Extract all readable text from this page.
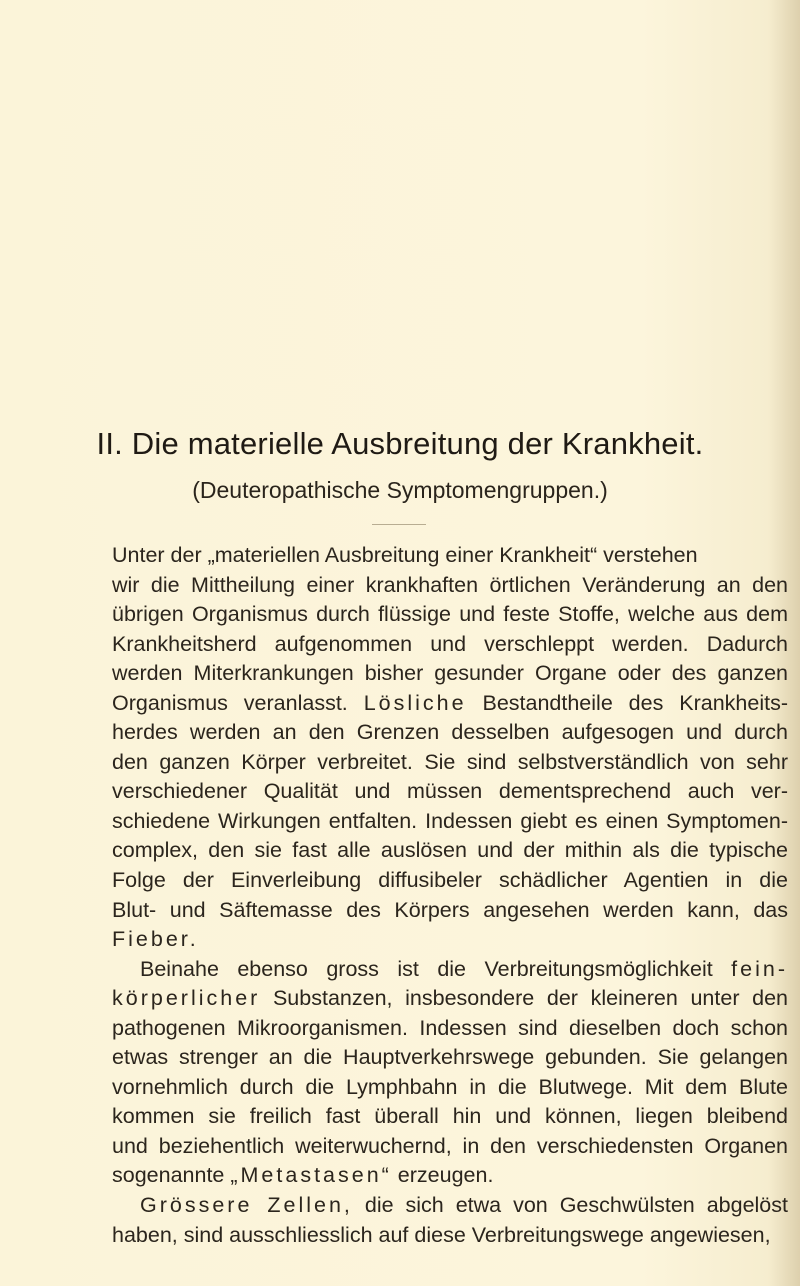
II. Die materielle Ausbreitung der Krankheit.
(Deuteropathische Symptomengruppen.)
Unter der „materiellen Ausbreitung einer Krankheit“ verstehen
wir die Mittheilung einer krankhaften örtlichen Veränderung an den
übrigen Organismus durch flüssige und feste Stoffe, welche aus dem
Krankheitsherd aufgenommen und verschleppt werden. Dadurch
werden Miterkrankungen bisher gesunder Organe oder des ganzen
Organismus veranlasst. Lösliche Bestandtheile des Krankheits-
herdes werden an den Grenzen desselben aufgesogen und durch
den ganzen Körper verbreitet. Sie sind selbstverständlich von sehr
verschiedener Qualität und müssen dementsprechend auch ver-
schiedene Wirkungen entfalten. Indessen giebt es einen Symptomen-
complex, den sie fast alle auslösen und der mithin als die typische
Folge der Einverleibung diffusibeler schädlicher Agentien in die
Blut- und Säftemasse des Körpers angesehen werden kann, das
Fieber.
Beinahe ebenso gross ist die Verbreitungsmöglichkeit fein-
körperlicher Substanzen, insbesondere der kleineren unter den
pathogenen Mikroorganismen. Indessen sind dieselben doch schon
etwas strenger an die Hauptverkehrswege gebunden. Sie gelangen
vornehmlich durch die Lymphbahn in die Blutwege. Mit dem Blute
kommen sie freilich fast überall hin und können, liegen bleibend
und beziehentlich weiterwuchernd, in den verschiedensten Organen
sogenannte „Metastasen“ erzeugen.
Grössere Zellen, die sich etwa von Geschwülsten abgelöst
haben, sind ausschliesslich auf diese Verbreitungswege angewiesen,
